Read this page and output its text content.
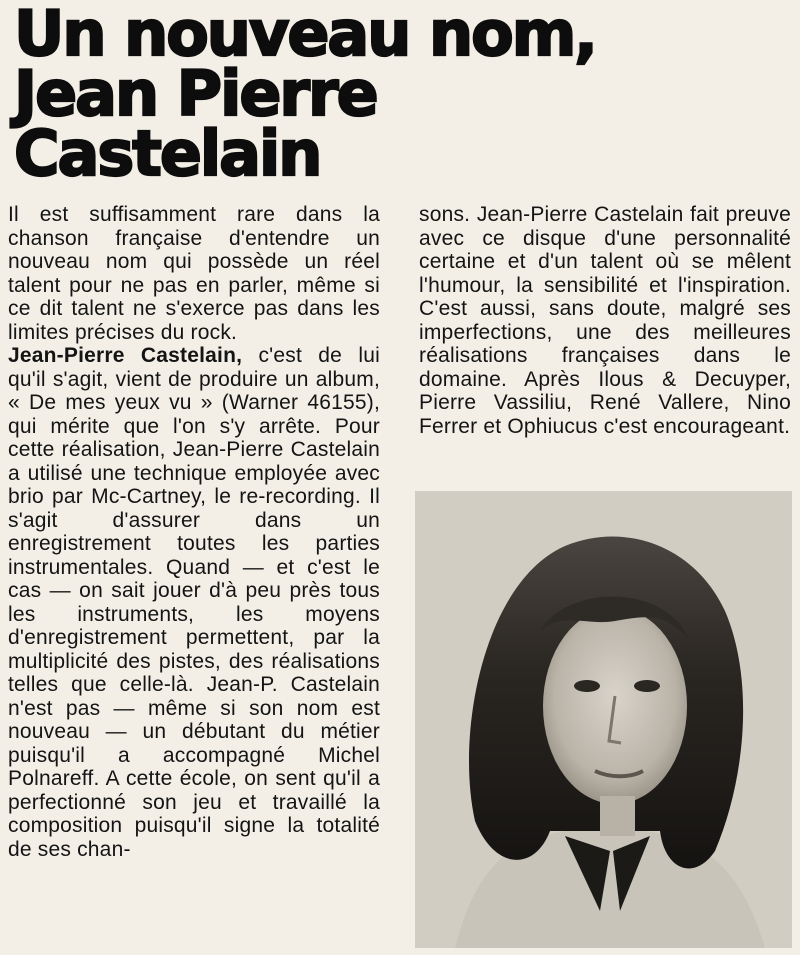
Un nouveau nom,
Jean Pierre
Castelain

Il est suffisamment rare dans la chanson française d'entendre un nouveau nom qui possède un réel talent pour ne pas en parler, même si ce dit talent ne s'exerce pas dans les limites précises du rock.

Jean-Pierre Castelain, c'est de lui qu'il s'agit, vient de produire un album, « De mes yeux vu » (Warner 46155), qui mérite que l'on s'y arrête. Pour cette réalisation, Jean-Pierre Castelain a utilisé une technique employée avec brio par Mc-Cartney, le re-recording. Il s'agit d'assurer dans un enregistrement toutes les parties instrumentales. Quand — et c'est le cas — on sait jouer d'à peu près tous les instruments, les moyens d'enregistrement permettent, par la multiplicité des pistes, des réalisations telles que celle-là. Jean-P. Castelain n'est pas — même si son nom est nouveau — un débutant du métier puisqu'il a accompagné Michel Polnareff. A cette école, on sent qu'il a perfectionné son jeu et travaillé la composition puisqu'il signe la totalité de ses chan-

sons. Jean-Pierre Castelain fait preuve avec ce disque d'une personnalité certaine et d'un talent où se mêlent l'humour, la sensibilité et l'inspiration. C'est aussi, sans doute, malgré ses imperfections, une des meilleures réalisations françaises dans le domaine. Après Ilous & Decuyper, Pierre Vassiliu, René Vallere, Nino Ferrer et Ophiucus c'est encourageant.
